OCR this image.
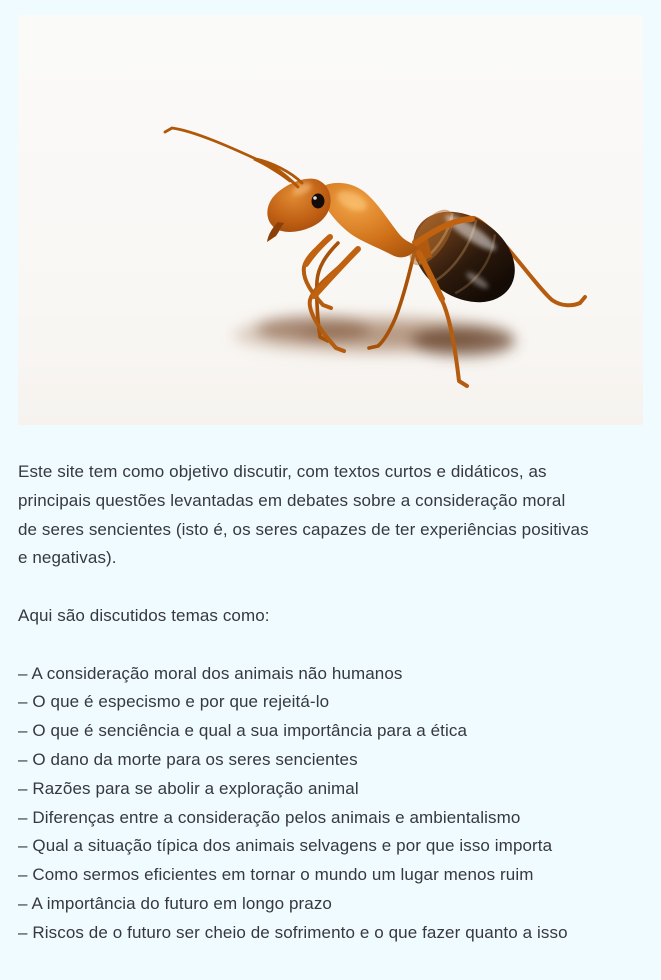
Este site tem como objetivo discutir, com textos curtos e didáticos, as
principais questões levantadas em debates sobre a consideração moral
de seres sencientes (isto é, os seres capazes de ter experiências positivas
e negativas).

Aqui são discutidos temas como:

– A consideração moral dos animais não humanos
– O que é especismo e por que rejeitá-lo
– O que é senciência e qual a sua importância para a ética
– O dano da morte para os seres sencientes
– Razões para se abolir a exploração animal
– Diferenças entre a consideração pelos animais e ambientalismo
– Qual a situação típica dos animais selvagens e por que isso importa
– Como sermos eficientes em tornar o mundo um lugar menos ruim
– A importância do futuro em longo prazo
– Riscos de o futuro ser cheio de sofrimento e o que fazer quanto a isso
